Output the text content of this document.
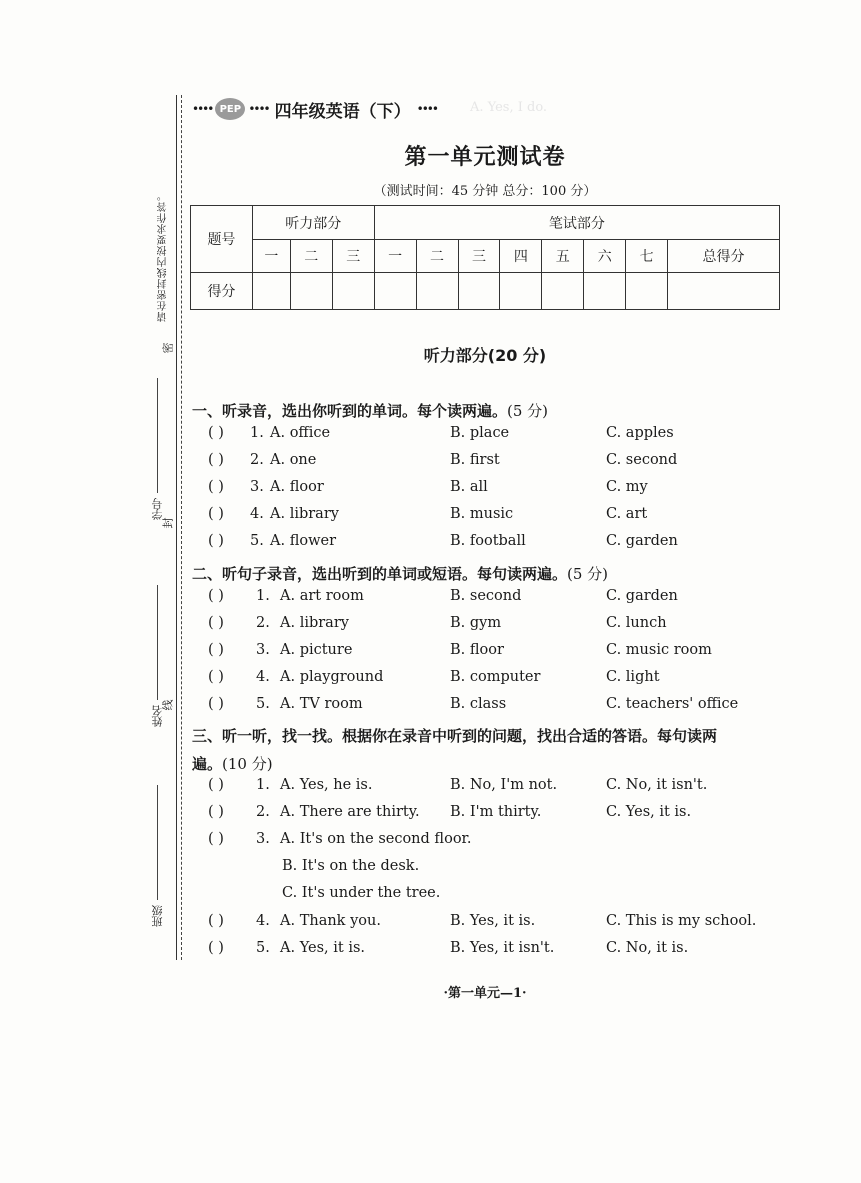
A. Yes, I do.
请在密封线内按要求作答。
密
封
线
学号
姓名
班级
•••• PEP •••• 四年级英语（下） ••••
第一单元测试卷
（测试时间：45 分钟 总分：100 分）
题号	听力部分			笔试部分							
	一	二	三	一	二	三	四	五	六	七	总得分
得分											
听力部分(20 分)
一、听录音，选出你听到的单词。每个读两遍。(5 分)
( ) 1. A. office	B. place	C. apples
( ) 2. A. one	B. first	C. second
( ) 3. A. floor	B. all	C. my
( ) 4. A. library	B. music	C. art
( ) 5. A. flower	B. football	C. garden
二、听句子录音，选出听到的单词或短语。每句读两遍。(5 分)
( ) 1. A. art room	B. second	C. garden
( ) 2. A. library	B. gym	C. lunch
( ) 3. A. picture	B. floor	C. music room
( ) 4. A. playground	B. computer	C. light
( ) 5. A. TV room	B. class	C. teachers' office
三、听一听，找一找。根据你在录音中听到的问题，找出合适的答语。每句读两
遍。(10 分)
( ) 1. A. Yes, he is.	B. No, I'm not.	C. No, it isn't.
( ) 2. A. There are thirty. B. I'm thirty.	C. Yes, it is.
( ) 3. A. It's on the second floor.
B. It's on the desk.
C. It's under the tree.
( ) 4. A. Thank you.	B. Yes, it is.	C. This is my school.
( ) 5. A. Yes, it is.	B. Yes, it isn't.	C. No, it is.
·第一单元—1·
